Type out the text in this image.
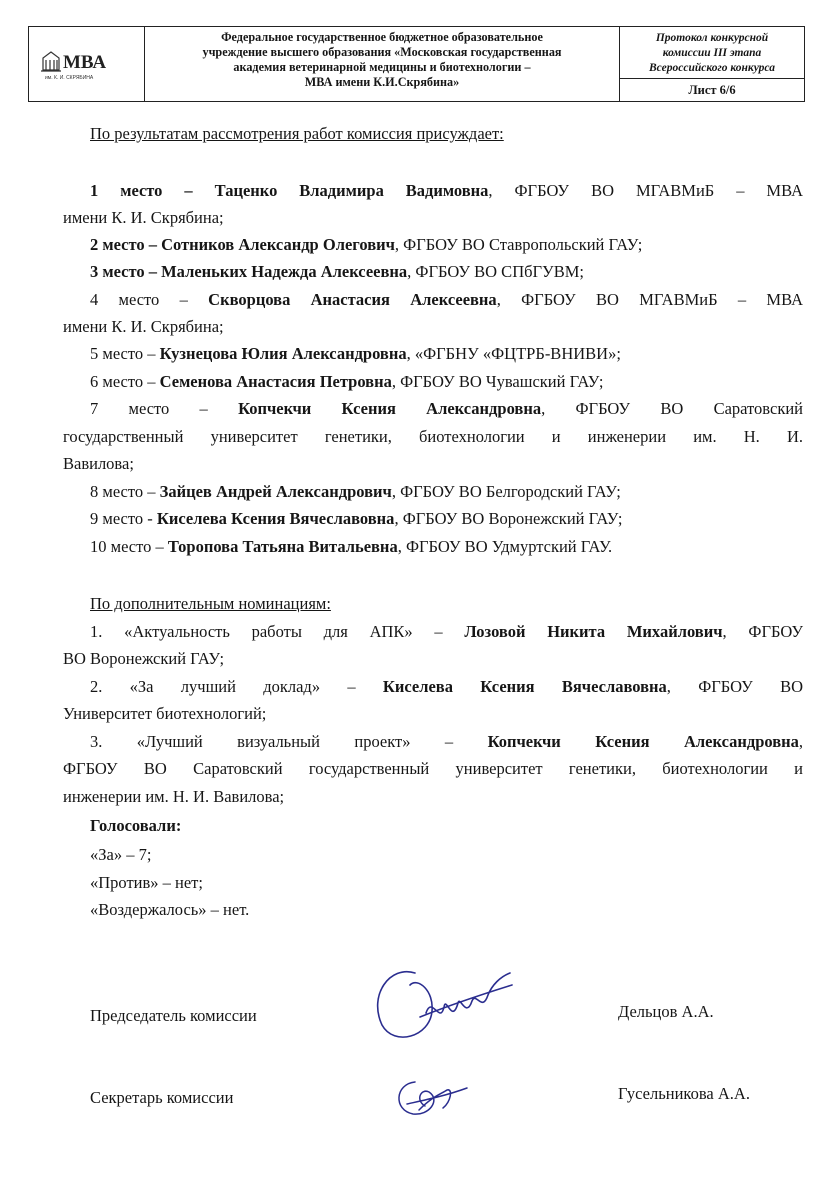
МВА
им. К. И. СКРЯБИНА
Федеральное государственное бюджетное образовательное
учреждение высшего образования «Московская государственная
академия ветеринарной медицины и биотехнологии –
МВА имени К.И.Скрябина»
Протокол конкурсной
комиссии III этапа
Всероссийского конкурса
Лист 6/6
По результатам рассмотрения работ комиссия присуждает:
1 место – Таценко Владимира Вадимовна, ФГБОУ ВО МГАВМиБ – МВА
имени К. И. Скрябина;
2 место – Сотников Александр Олегович, ФГБОУ ВО Ставропольский ГАУ;
3 место – Маленьких Надежда Алексеевна, ФГБОУ ВО СПбГУВМ;
4 место – Скворцова Анастасия Алексеевна, ФГБОУ ВО МГАВМиБ – МВА
имени К. И. Скрябина;
5 место – Кузнецова Юлия Александровна, «ФГБНУ «ФЦТРБ-ВНИВИ»;
6 место – Семенова Анастасия Петровна, ФГБОУ ВО Чувашский ГАУ;
7 место – Копчекчи Ксения Александровна, ФГБОУ ВО Саратовский
государственный университет генетики, биотехнологии и инженерии им. Н. И.
Вавилова;
8 место – Зайцев Андрей Александрович, ФГБОУ ВО Белгородский ГАУ;
9 место - Киселева Ксения Вячеславовна, ФГБОУ ВО Воронежский ГАУ;
10 место – Торопова Татьяна Витальевна, ФГБОУ ВО Удмуртский ГАУ.
По дополнительным номинациям:
1. «Актуальность работы для АПК» – Лозовой Никита Михайлович, ФГБОУ
ВО Воронежский ГАУ;
2. «За лучший доклад» – Киселева Ксения Вячеславовна, ФГБОУ ВО
Университет биотехнологий;
3. «Лучший визуальный проект» – Копчекчи Ксения Александровна,
ФГБОУ ВО Саратовский государственный университет генетики, биотехнологии и
инженерии им. Н. И. Вавилова;
Голосовали:
«За» – 7;
«Против» – нет;
«Воздержалось» – нет.
Председатель комиссии	Дельцов А.А.
Секретарь комиссии	Гусельникова А.А.
